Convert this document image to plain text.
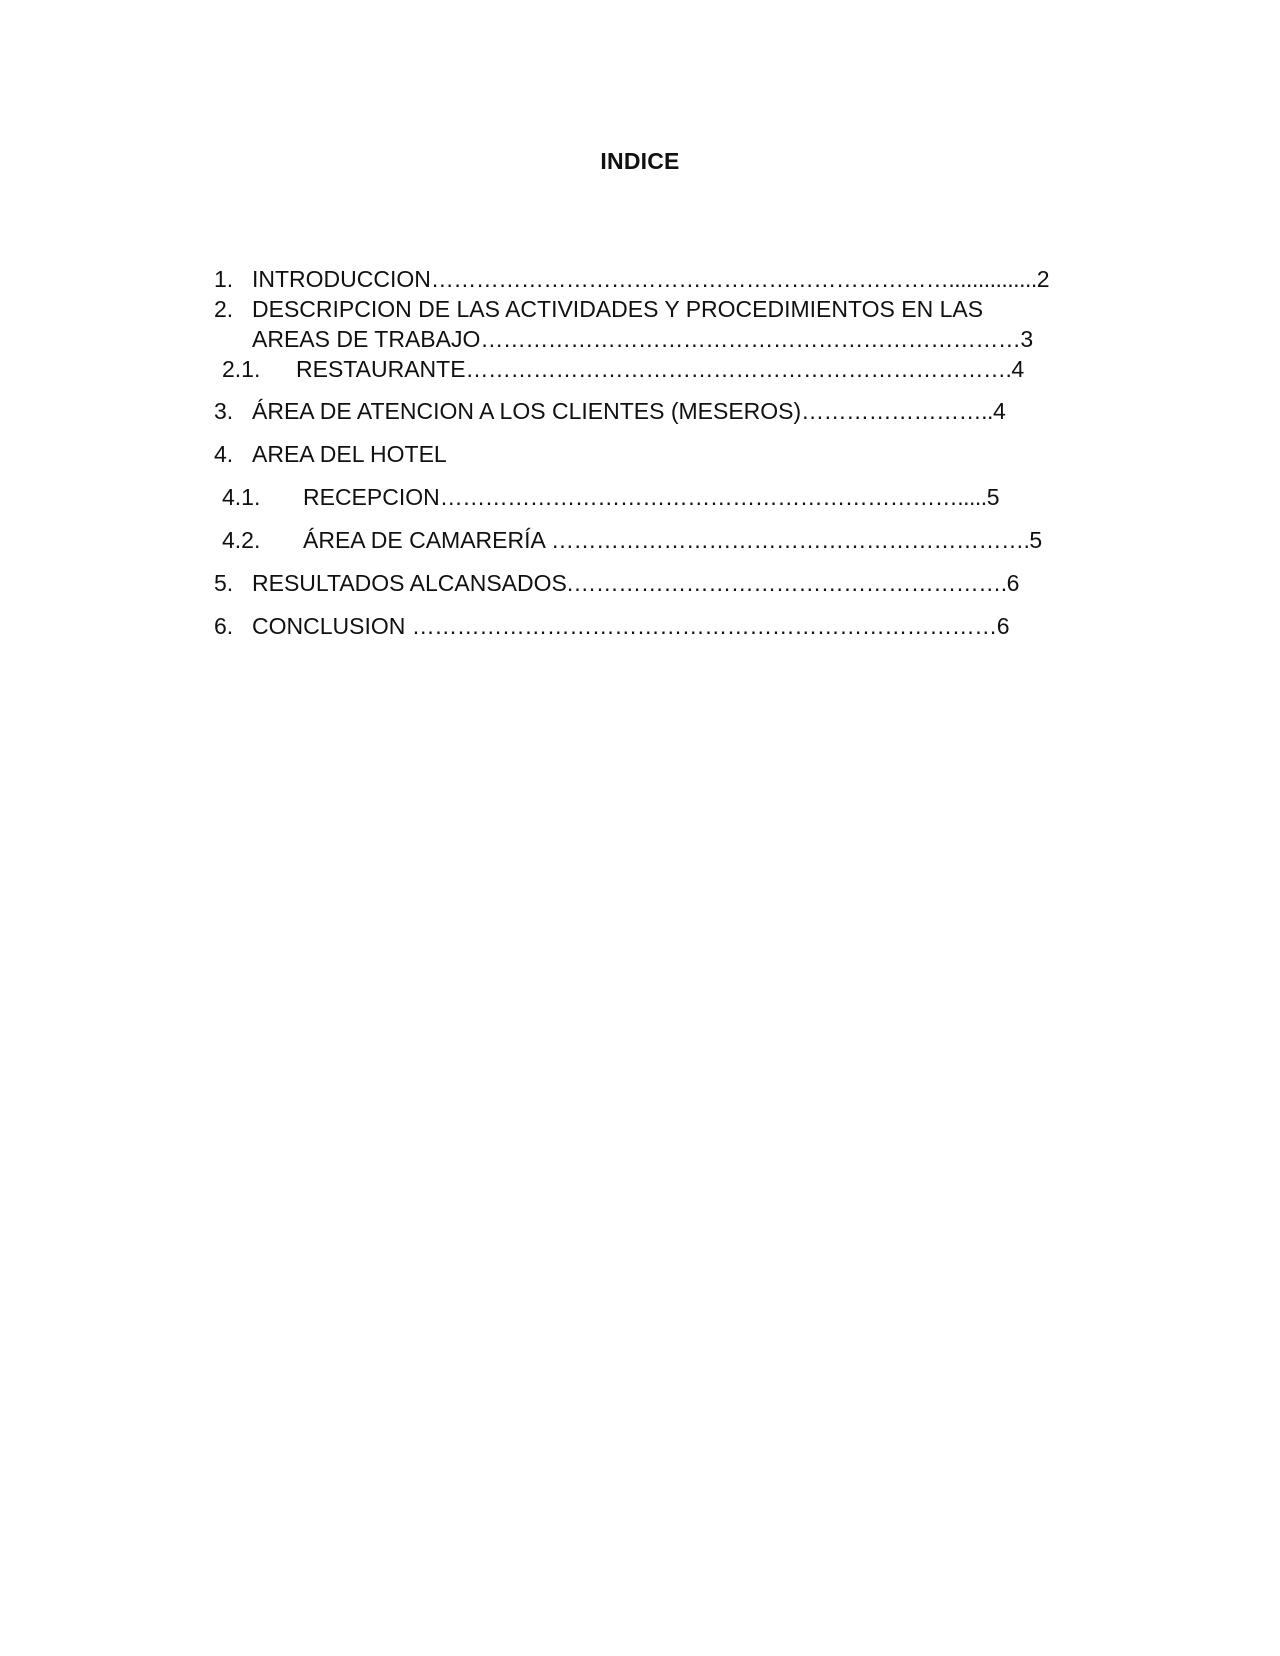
INDICE
1. INTRODUCCION……………………………………………………………...............2
2. DESCRIPCION DE LAS ACTIVIDADES Y PROCEDIMIENTOS EN LAS
AREAS DE TRABAJO………………………………………………………………3
2.1. RESTAURANTE……………………………………………………………….4
3. ÁREA DE ATENCION A LOS CLIENTES (MESEROS)……………………..4
4. AREA DEL HOTEL
4.1. RECEPCION…………………………………………………………….....5
4.2. ÁREA DE CAMARERÍA ……………………………………………………….5
5. RESULTADOS ALCANSADOS.………………………………………………….6
6. CONCLUSION ……………………………………………………………………6
